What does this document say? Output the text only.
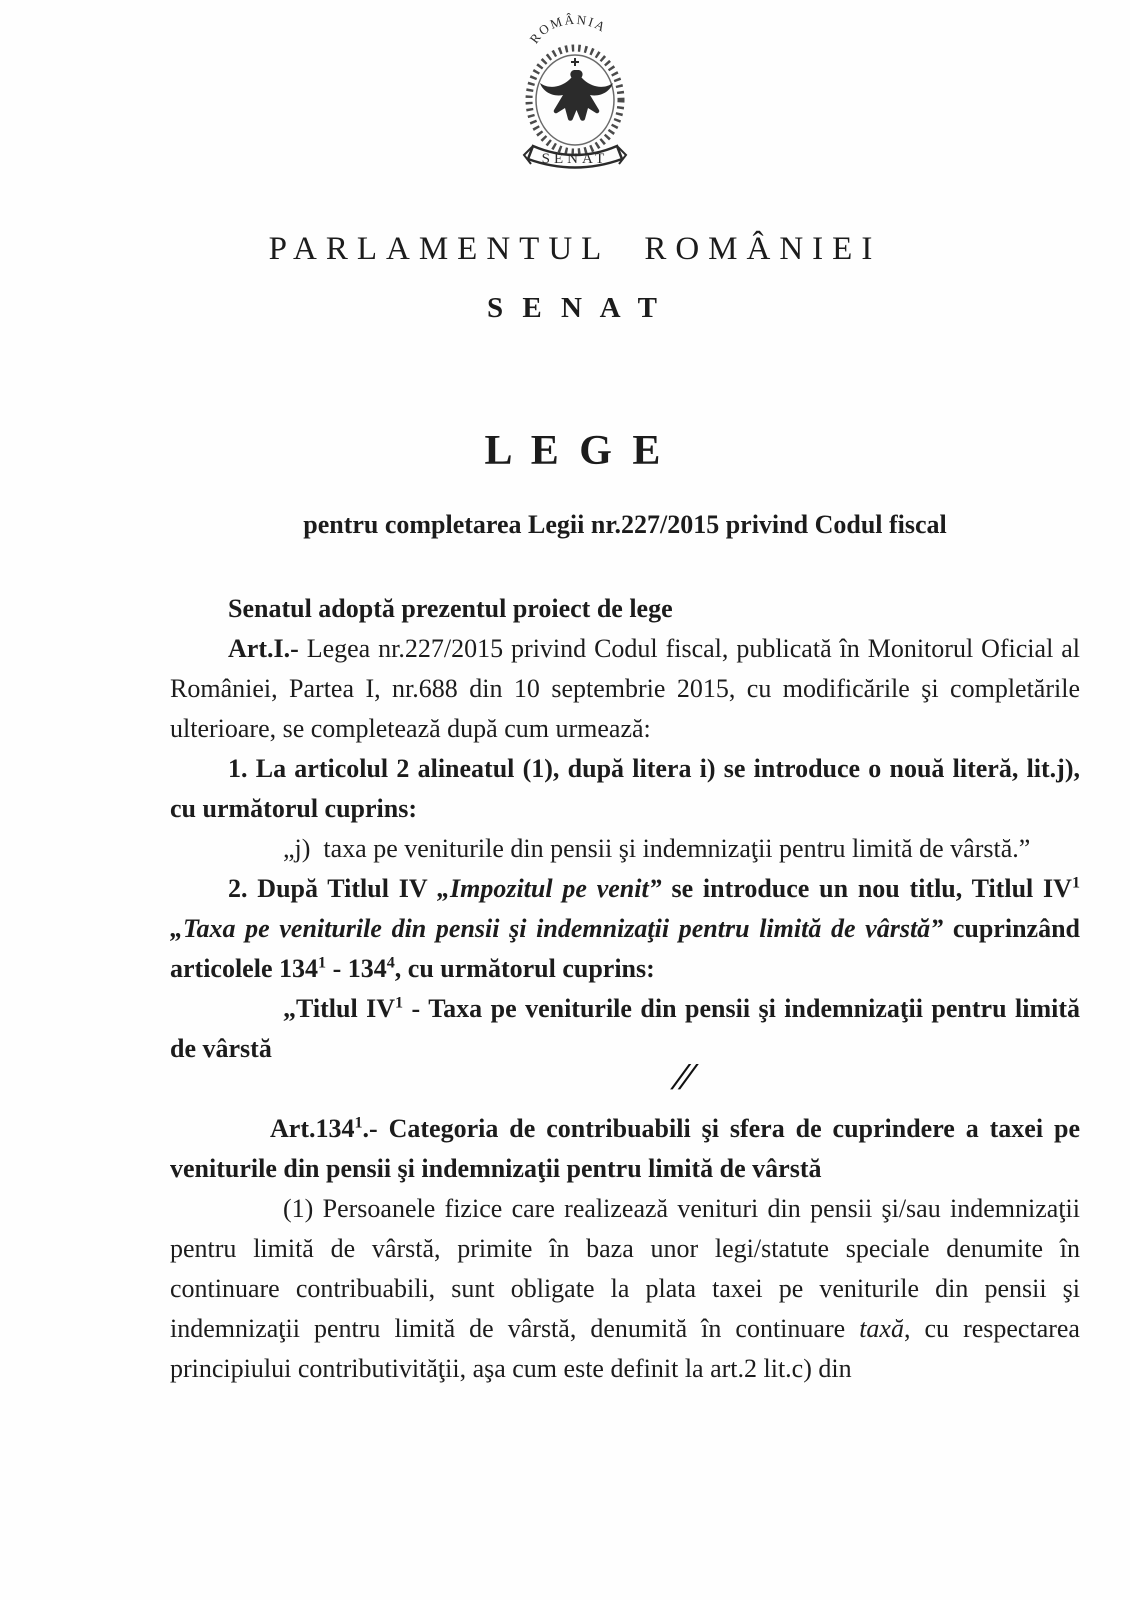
ROMÂNIA
SENAT
PARLAMENTUL ROMÂNIEI
S E N A T
L E G E
pentru completarea Legii nr.227/2015 privind Codul fiscal
Senatul adoptă prezentul proiect de lege

Art.I.- Legea nr.227/2015 privind Codul fiscal, publicată în Monitorul Oficial al României, Partea I, nr.688 din 10 septembrie 2015, cu modificările şi completările ulterioare, se completează după cum urmează:

1. La articolul 2 alineatul (1), după litera i) se introduce o nouă literă, lit.j), cu următorul cuprins:

„j)  taxa pe veniturile din pensii şi indemnizaţii pentru limită de vârstă.”

2. După Titlul IV „Impozitul pe venit” se introduce un nou titlu, Titlul $IV^1$ „Taxa pe veniturile din pensii şi indemnizaţii pentru limită de vârstă” cuprinzând articolele $134^1 - 134^4$, cu următorul cuprins:

„Titlul $IV^1$ - Taxa pe veniturile din pensii şi indemnizaţii pentru limită de vârstă

//

Art.134$^1$.- Categoria de contribuabili şi sfera de cuprindere a taxei pe veniturile din pensii şi indemnizaţii pentru limită de vârstă

(1) Persoanele fizice care realizează venituri din pensii şi/sau indemnizaţii pentru limită de vârstă, primite în baza unor legi/statute speciale denumite în continuare contribuabili, sunt obligate la plata taxei pe veniturile din pensii şi indemnizaţii pentru limită de vârstă, denumită în continuare taxă, cu respectarea principiului contributivităţii, aşa cum este definit la art.2 lit.c) din
